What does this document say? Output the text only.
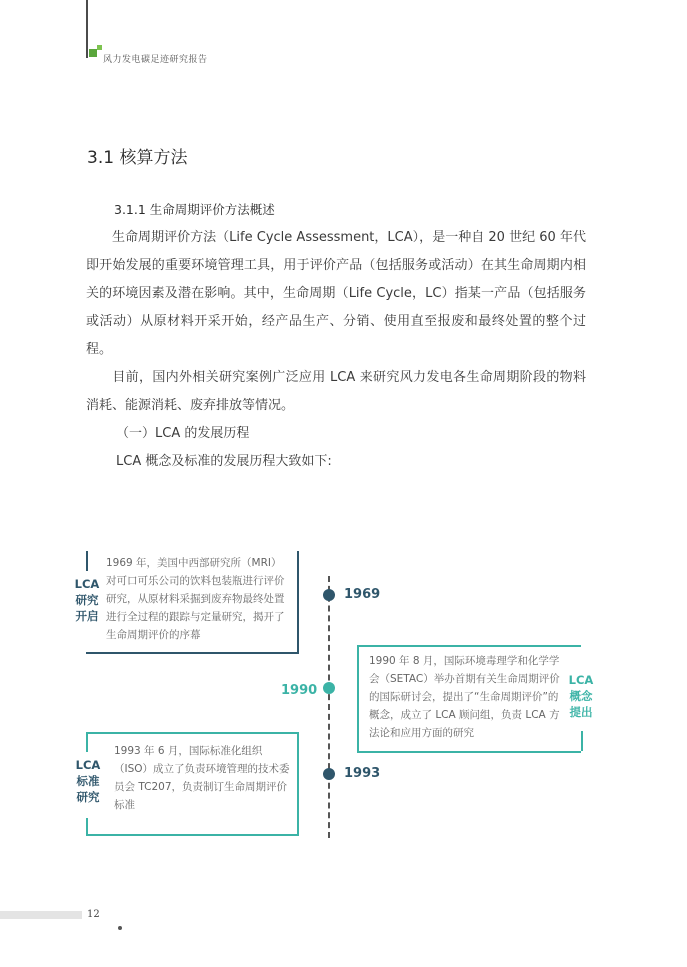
风力发电碳足迹研究报告
3.1 核算方法
3.1.1 生命周期评价方法概述
生命周期评价方法（Life Cycle Assessment，LCA），是一种自 20 世纪 60 年代即开始发展的重要环境管理工具，用于评价产品（包括服务或活动）在其生命周期内相关的环境因素及潜在影响。其中，生命周期（Life Cycle，LC）指某一产品（包括服务或活动）从原材料开采开始，经产品生产、分销、使用直至报废和最终处置的整个过程。
目前，国内外相关研究案例广泛应用 LCA 来研究风力发电各生命周期阶段的物料消耗、能源消耗、废弃排放等情况。
（一）LCA 的发展历程
LCA 概念及标准的发展历程大致如下:
1969 年，美国中西部研究所（MRI）对可口可乐公司的饮料包装瓶进行评价研究，从原材料采掘到废弃物最终处置进行全过程的跟踪与定量研究，揭开了生命周期评价的序幕
LCA
研究
开启
1969
1990 年 8 月，国际环境毒理学和化学学会（SETAC）举办首期有关生命周期评价的国际研讨会，提出了“生命周期评价”的概念，成立了 LCA 顾问组，负责 LCA 方法论和应用方面的研究
LCA
概念
提出
1990
1993 年 6 月，国际标准化组织（ISO）成立了负责环境管理的技术委员会 TC207，负责制订生命周期评价标准
LCA
标准
研究
1993
12
